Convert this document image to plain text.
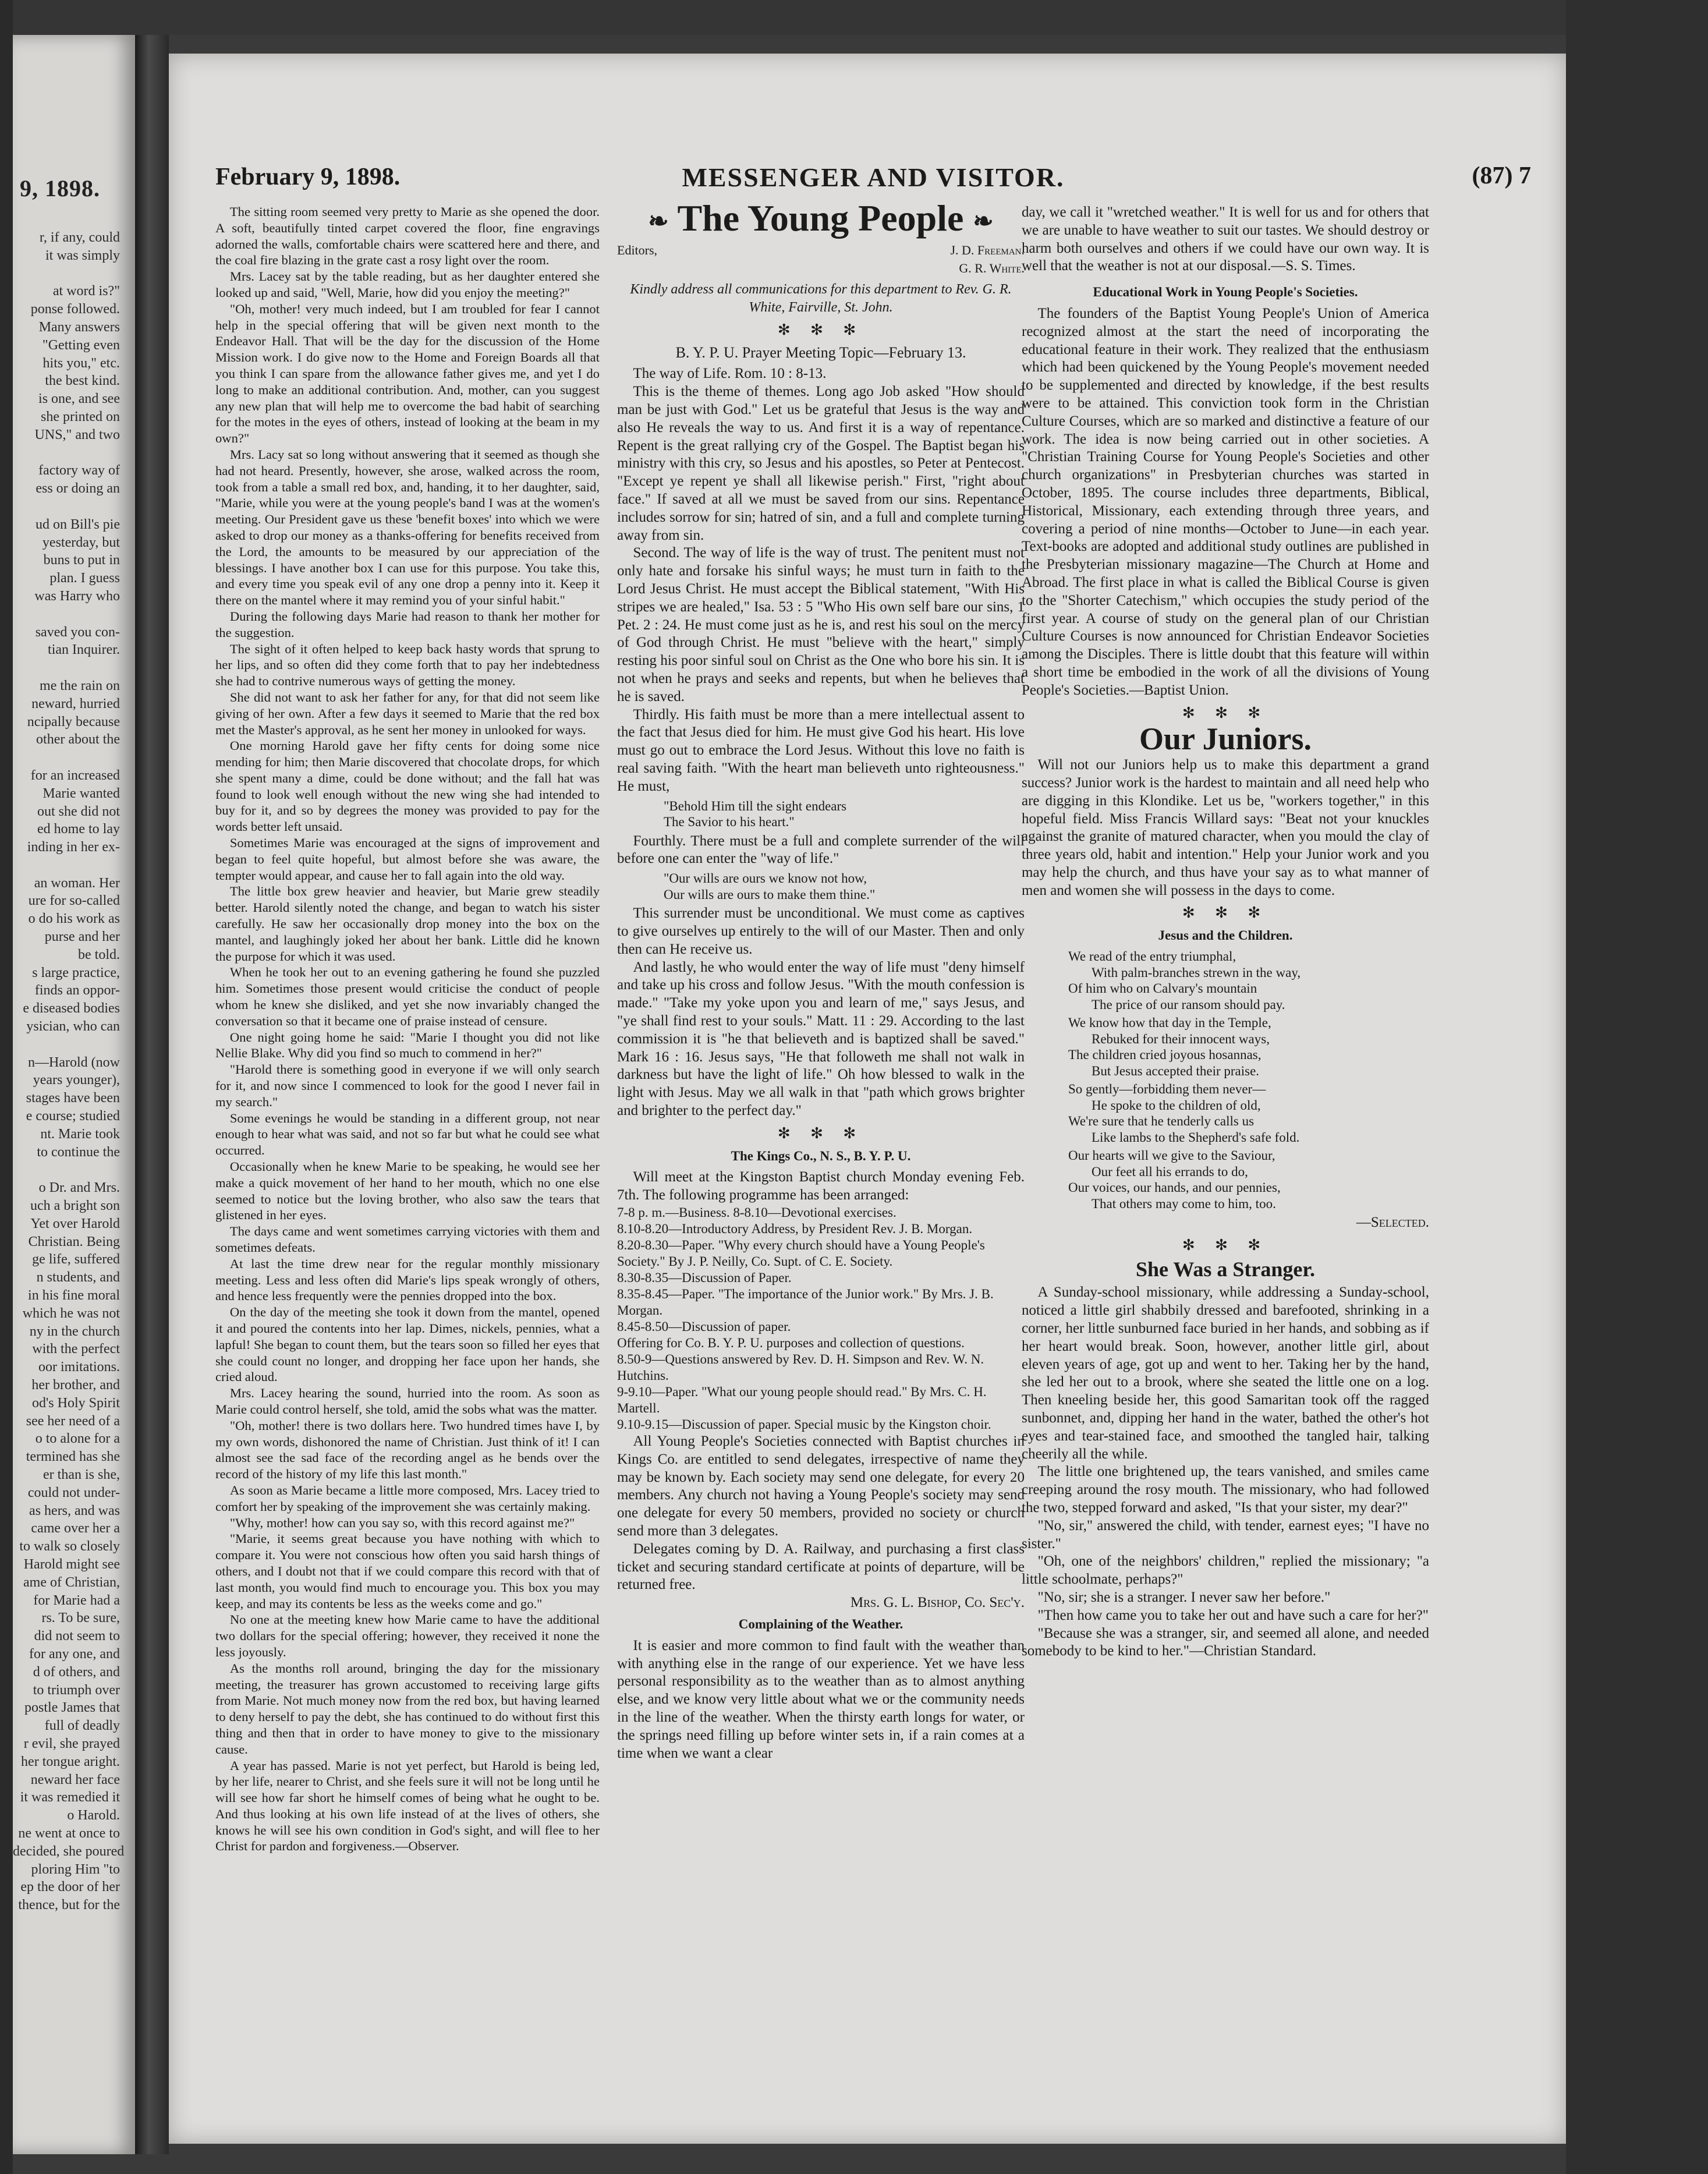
9, 1898.
r, if any, could
it was simply
at word is?"
ponse followed.
Many answers
"Getting even
hits you," etc.
the best kind.
is one, and see
she printed on
UNS," and two
factory way of
ess or doing an
ud on Bill's pie
yesterday, but
buns to put in
plan. I guess
was Harry who
saved you con-
tian Inquirer.
me the rain on
neward, hurried
ncipally because
other about the
for an increased
Marie wanted
out she did not
ed home to lay
inding in her ex-
an woman. Her
ure for so-called
o do his work as
purse and her
be told.
s large practice,
finds an oppor-
e diseased bodies
ysician, who can
n—Harold (now
years younger),
stages have been
e course; studied
nt. Marie took
to continue the
o Dr. and Mrs.
uch a bright son
Yet over Harold
Christian. Being
ge life, suffered
n students, and
in his fine moral
which he was not
ny in the church
with the perfect
oor imitations.
her brother, and
od's Holy Spirit
see her need of a
o to alone for a
termined has she
er than is she,
could not under-
as hers, and was
came over her a
to walk so closely
Harold might see
ame of Christian,
for Marie had a
rs. To be sure,
did not seem to
for any one, and
d of others, and
to triumph over
postle James that
full of deadly
r evil, she prayed
her tongue aright.
neward her face
it was remedied it
o Harold.
ne went at once to
decided, she poured
ploring Him "to
ep the door of her
thence, but for the
February 9, 1898.	MESSENGER AND VISITOR.	(87) 7

The sitting room seemed very pretty to Marie as she opened the door. A soft, beautifully tinted carpet covered the floor, fine engravings adorned the walls, comfortable chairs were scattered here and there, and the coal fire blazing in the grate cast a rosy light over the room.

Mrs. Lacey sat by the table reading, but as her daughter entered she looked up and said, "Well, Marie, how did you enjoy the meeting?"

"Oh, mother! very much indeed, but I am troubled for fear I cannot help in the special offering that will be given next month to the Endeavor Hall. That will be the day for the discussion of the Home Mission work. I do give now to the Home and Foreign Boards all that you think I can spare from the allowance father gives me, and yet I do long to make an additional contribution. And, mother, can you suggest any new plan that will help me to overcome the bad habit of searching for the motes in the eyes of others, instead of looking at the beam in my own?"

Mrs. Lacy sat so long without answering that it seemed as though she had not heard. Presently, however, she arose, walked across the room, took from a table a small red box, and, handing, it to her daughter, said, "Marie, while you were at the young people's band I was at the women's meeting. Our President gave us these 'benefit boxes' into which we were asked to drop our money as a thanks-offering for benefits received from the Lord, the amounts to be measured by our appreciation of the blessings. I have another box I can use for this purpose. You take this, and every time you speak evil of any one drop a penny into it. Keep it there on the mantel where it may remind you of your sinful habit."

During the following days Marie had reason to thank her mother for the suggestion.

The sight of it often helped to keep back hasty words that sprung to her lips, and so often did they come forth that to pay her indebtedness she had to contrive numerous ways of getting the money.

She did not want to ask her father for any, for that did not seem like giving of her own. After a few days it seemed to Marie that the red box met the Master's approval, as he sent her money in unlooked for ways.

One morning Harold gave her fifty cents for doing some nice mending for him; then Marie discovered that chocolate drops, for which she spent many a dime, could be done without; and the fall hat was found to look well enough without the new wing she had intended to buy for it, and so by degrees the money was provided to pay for the words better left unsaid.

Sometimes Marie was encouraged at the signs of improvement and began to feel quite hopeful, but almost before she was aware, the tempter would appear, and cause her to fall again into the old way.

The little box grew heavier and heavier, but Marie grew steadily better. Harold silently noted the change, and began to watch his sister carefully. He saw her occasionally drop money into the box on the mantel, and laughingly joked her about her bank. Little did he known the purpose for which it was used.

When he took her out to an evening gathering he found she puzzled him. Sometimes those present would criticise the conduct of people whom he knew she disliked, and yet she now invariably changed the conversation so that it became one of praise instead of censure.

One night going home he said: "Marie I thought you did not like Nellie Blake. Why did you find so much to commend in her?"

"Harold there is something good in everyone if we will only search for it, and now since I commenced to look for the good I never fail in my search."

Some evenings he would be standing in a different group, not near enough to hear what was said, and not so far but what he could see what occurred.

Occasionally when he knew Marie to be speaking, he would see her make a quick movement of her hand to her mouth, which no one else seemed to notice but the loving brother, who also saw the tears that glistened in her eyes.

The days came and went sometimes carrying victories with them and sometimes defeats.

At last the time drew near for the regular monthly missionary meeting. Less and less often did Marie's lips speak wrongly of others, and hence less frequently were the pennies dropped into the box.

On the day of the meeting she took it down from the mantel, opened it and poured the contents into her lap. Dimes, nickels, pennies, what a lapful! She began to count them, but the tears soon so filled her eyes that she could count no longer, and dropping her face upon her hands, she cried aloud.

Mrs. Lacey hearing the sound, hurried into the room. As soon as Marie could control herself, she told, amid the sobs what was the matter.

"Oh, mother! there is two dollars here. Two hundred times have I, by my own words, dishonored the name of Christian. Just think of it! I can almost see the sad face of the recording angel as he bends over the record of the history of my life this last month."

As soon as Marie became a little more composed, Mrs. Lacey tried to comfort her by speaking of the improvement she was certainly making.

"Why, mother! how can you say so, with this record against me?"

"Marie, it seems great because you have nothing with which to compare it. You were not conscious how often you said harsh things of others, and I doubt not that if we could compare this record with that of last month, you would find much to encourage you. This box you may keep, and may its contents be less as the weeks come and go."

No one at the meeting knew how Marie came to have the additional two dollars for the special offering; however, they received it none the less joyously.

As the months roll around, bringing the day for the missionary meeting, the treasurer has grown accustomed to receiving large gifts from Marie. Not much money now from the red box, but having learned to deny herself to pay the debt, she has continued to do without first this thing and then that in order to have money to give to the missionary cause.

A year has passed. Marie is not yet perfect, but Harold is being led, by her life, nearer to Christ, and she feels sure it will not be long until he will see how far short he himself comes of being what he ought to be. And thus looking at his own life instead of at the lives of others, she knows he will see his own condition in God's sight, and will flee to her Christ for pardon and forgiveness.—Observer.

❧ The Young People ❧
Editors,	J. D. Freeman.
G. R. White.
Kindly address all communications for this department to Rev. G. R. White, Fairville, St. John.
✻ ✻ ✻
B. Y. P. U. Prayer Meeting Topic—February 13.

The way of Life. Rom. 10 : 8-13.

This is the theme of themes. Long ago Job asked "How should man be just with God." Let us be grateful that Jesus is the way and also He reveals the way to us. And first it is a way of repentance. Repent is the great rallying cry of the Gospel. The Baptist began his ministry with this cry, so Jesus and his apostles, so Peter at Pentecost. "Except ye repent ye shall all likewise perish." First, "right about face." If saved at all we must be saved from our sins. Repentance includes sorrow for sin; hatred of sin, and a full and complete turning away from sin.

Second. The way of life is the way of trust. The penitent must not only hate and forsake his sinful ways; he must turn in faith to the Lord Jesus Christ. He must accept the Biblical statement, "With His stripes we are healed," Isa. 53 : 5 "Who His own self bare our sins, 1 Pet. 2 : 24. He must come just as he is, and rest his soul on the mercy of God through Christ. He must "believe with the heart," simply resting his poor sinful soul on Christ as the One who bore his sin. It is not when he prays and seeks and repents, but when he believes that he is saved.

Thirdly. His faith must be more than a mere intellectual assent to the fact that Jesus died for him. He must give God his heart. His love must go out to embrace the Lord Jesus. Without this love no faith is real saving faith. "With the heart man believeth unto righteousness." He must,

"Behold Him till the sight endears
The Savior to his heart."

Fourthly. There must be a full and complete surrender of the will before one can enter the "way of life."

"Our wills are ours we know not how,
Our wills are ours to make them thine."

This surrender must be unconditional. We must come as captives to give ourselves up entirely to the will of our Master. Then and only then can He receive us.

And lastly, he who would enter the way of life must "deny himself and take up his cross and follow Jesus. "With the mouth confession is made." "Take my yoke upon you and learn of me," says Jesus, and "ye shall find rest to your souls." Matt. 11 : 29. According to the last commission it is "he that believeth and is baptized shall be saved." Mark 16 : 16. Jesus says, "He that followeth me shall not walk in darkness but have the light of life." Oh how blessed to walk in the light with Jesus. May we all walk in that "path which grows brighter and brighter to the perfect day."

✻ ✻ ✻
The Kings Co., N. S., B. Y. P. U.

Will meet at the Kingston Baptist church Monday evening Feb. 7th. The following programme has been arranged:

7-8 p. m.—Business. 8-8.10—Devotional exercises.
8.10-8.20—Introductory Address, by President Rev. J. B. Morgan.
8.20-8.30—Paper. "Why every church should have a Young People's Society." By J. P. Neilly, Co. Supt. of C. E. Society.
8.30-8.35—Discussion of Paper.
8.35-8.45—Paper. "The importance of the Junior work." By Mrs. J. B. Morgan.
8.45-8.50—Discussion of paper.
Offering for Co. B. Y. P. U. purposes and collection of questions.
8.50-9—Questions answered by Rev. D. H. Simpson and Rev. W. N. Hutchins.
9-9.10—Paper. "What our young people should read." By Mrs. C. H. Martell.
9.10-9.15—Discussion of paper. Special music by the Kingston choir.

All Young People's Societies connected with Baptist churches in Kings Co. are entitled to send delegates, irrespective of name they may be known by. Each society may send one delegate, for every 20 members. Any church not having a Young People's society may send one delegate for every 50 members, provided no society or church send more than 3 delegates.

Delegates coming by D. A. Railway, and purchasing a first class ticket and securing standard certificate at points of departure, will be returned free.

Mrs. G. L. Bishop, Co. Sec'y.
Complaining of the Weather.

It is easier and more common to find fault with the weather than with anything else in the range of our experience. Yet we have less personal responsibility as to the weather than as to almost anything else, and we know very little about what we or the community needs in the line of the weather. When the thirsty earth longs for water, or the springs need filling up before winter sets in, if a rain comes at a time when we want a clear

day, we call it "wretched weather." It is well for us and for others that we are unable to have weather to suit our tastes. We should destroy or harm both ourselves and others if we could have our own way. It is well that the weather is not at our disposal.—S. S. Times.

Educational Work in Young People's Societies.

The founders of the Baptist Young People's Union of America recognized almost at the start the need of incorporating the educational feature in their work. They realized that the enthusiasm which had been quickened by the Young People's movement needed to be supplemented and directed by knowledge, if the best results were to be attained. This conviction took form in the Christian Culture Courses, which are so marked and distinctive a feature of our work. The idea is now being carried out in other societies. A "Christian Training Course for Young People's Societies and other church organizations" in Presbyterian churches was started in October, 1895. The course includes three departments, Biblical, Historical, Missionary, each extending through three years, and covering a period of nine months—October to June—in each year. Text-books are adopted and additional study outlines are published in the Presbyterian missionary magazine—The Church at Home and Abroad. The first place in what is called the Biblical Course is given to the "Shorter Catechism," which occupies the study period of the first year. A course of study on the general plan of our Christian Culture Courses is now announced for Christian Endeavor Societies among the Disciples. There is little doubt that this feature will within a short time be embodied in the work of all the divisions of Young People's Societies.—Baptist Union.

✻ ✻ ✻
Our Juniors.

Will not our Juniors help us to make this department a grand success? Junior work is the hardest to maintain and all need help who are digging in this Klondike. Let us be, "workers together," in this hopeful field. Miss Francis Willard says: "Beat not your knuckles against the granite of matured character, when you mould the clay of three years old, habit and intention." Help your Junior work and you may help the church, and thus have your say as to what manner of men and women she will possess in the days to come.

✻ ✻ ✻
Jesus and the Children.
We read of the entry triumphal,
With palm-branches strewn in the way,
Of him who on Calvary's mountain
The price of our ransom should pay.
We know how that day in the Temple,
Rebuked for their innocent ways,
The children cried joyous hosannas,
But Jesus accepted their praise.
So gently—forbidding them never—
He spoke to the children of old,
We're sure that he tenderly calls us
Like lambs to the Shepherd's safe fold.
Our hearts will we give to the Saviour,
Our feet all his errands to do,
Our voices, our hands, and our pennies,
That others may come to him, too.
—Selected.
✻ ✻ ✻
She Was a Stranger.

A Sunday-school missionary, while addressing a Sunday-school, noticed a little girl shabbily dressed and barefooted, shrinking in a corner, her little sunburned face buried in her hands, and sobbing as if her heart would break. Soon, however, another little girl, about eleven years of age, got up and went to her. Taking her by the hand, she led her out to a brook, where she seated the little one on a log. Then kneeling beside her, this good Samaritan took off the ragged sunbonnet, and, dipping her hand in the water, bathed the other's hot eyes and tear-stained face, and smoothed the tangled hair, talking cheerily all the while.

The little one brightened up, the tears vanished, and smiles came creeping around the rosy mouth. The missionary, who had followed the two, stepped forward and asked, "Is that your sister, my dear?"

"No, sir," answered the child, with tender, earnest eyes; "I have no sister."

"Oh, one of the neighbors' children," replied the missionary; "a little schoolmate, perhaps?"

"No, sir; she is a stranger. I never saw her before."

"Then how came you to take her out and have such a care for her?"

"Because she was a stranger, sir, and seemed all alone, and needed somebody to be kind to her."—Christian Standard.
